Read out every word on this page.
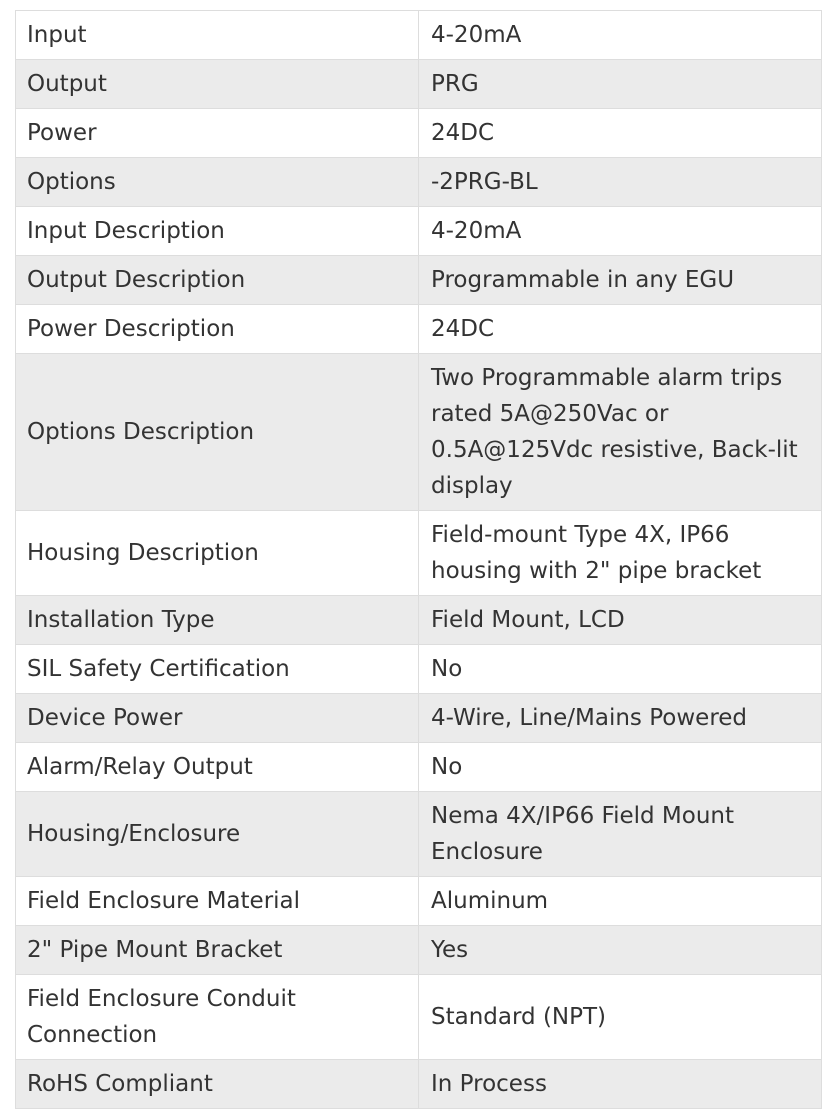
Input	4-20mA
Output	PRG
Power	24DC
Options	-2PRG-BL
Input Description	4-20mA
Output Description	Programmable in any EGU
Power Description	24DC
Options Description	Two Programmable alarm trips rated 5A@250Vac or 0.5A@125Vdc resistive, Back-lit display
Housing Description	Field-mount Type 4X, IP66 housing with 2" pipe bracket
Installation Type	Field Mount, LCD
SIL Safety Certification	No
Device Power	4-Wire, Line/Mains Powered
Alarm/Relay Output	No
Housing/Enclosure	Nema 4X/IP66 Field Mount Enclosure
Field Enclosure Material	Aluminum
2" Pipe Mount Bracket	Yes
Field Enclosure Conduit Connection	Standard (NPT)
RoHS Compliant	In Process
